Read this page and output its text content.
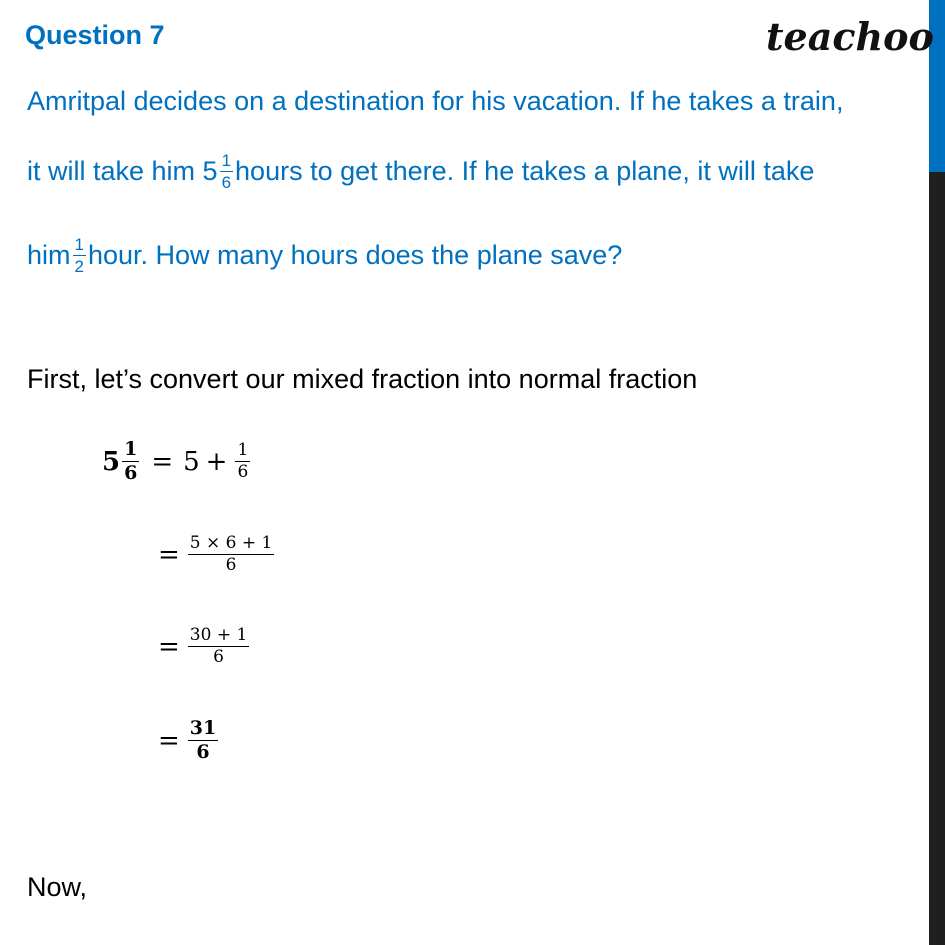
Question 7	teachoo
Amritpal decides on a destination for his vacation. If he takes a train,
it will take him $5 \frac{1}{6}$ hours to get there. If he takes a plane, it will take
him $\frac{1}{2}$ hour. How many hours does the plane save?
First, let’s convert our mixed fraction into normal fraction
$5 \frac{1}{6} = 5 + \frac{1}{6}$
= $\frac{5 \times 6 + 1}{6}$
= $\frac{30 + 1}{6}$
= $\frac{31}{6}$
Now,
